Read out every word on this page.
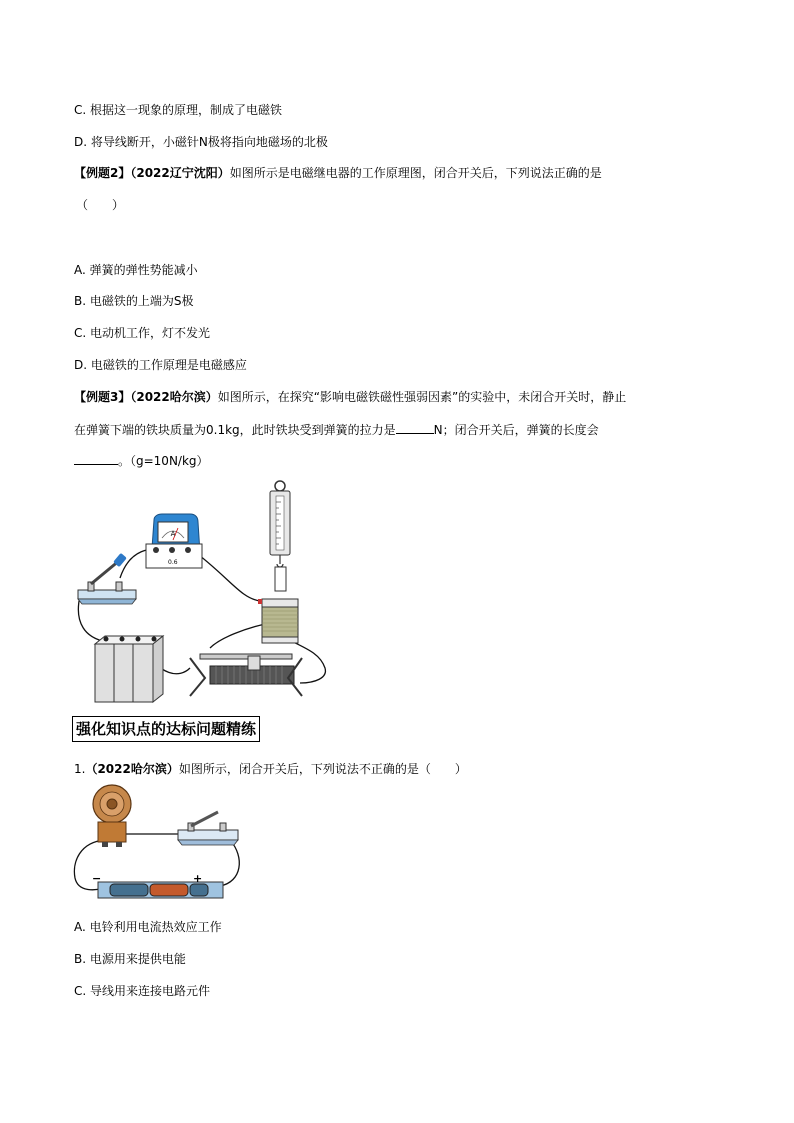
C. 根据这一现象的原理，制成了电磁铁
D. 将导线断开，小磁针N极将指向地磁场的北极
【例题2】（2022辽宁沈阳）如图所示是电磁继电器的工作原理图，闭合开关后，下列说法正确的是
（　　）
A. 弹簧的弹性势能减小
B. 电磁铁的上端为S极
C. 电动机工作，灯不发光
D. 电磁铁的工作原理是电磁感应
【例题3】（2022哈尔滨）如图所示，在探究“影响电磁铁磁性强弱因素”的实验中，未闭合开关时，静止
在弹簧下端的铁块质量为0.1kg，此时铁块受到弹簧的拉力是	N；闭合开关后，弹簧的长度会
。（g=10N/kg）
A
0.6
强化知识点的达标问题精练
1.（2022哈尔滨）如图所示，闭合开关后，下列说法不正确的是（　　）
−	+
A. 电铃利用电流热效应工作
B. 电源用来提供电能
C. 导线用来连接电路元件
